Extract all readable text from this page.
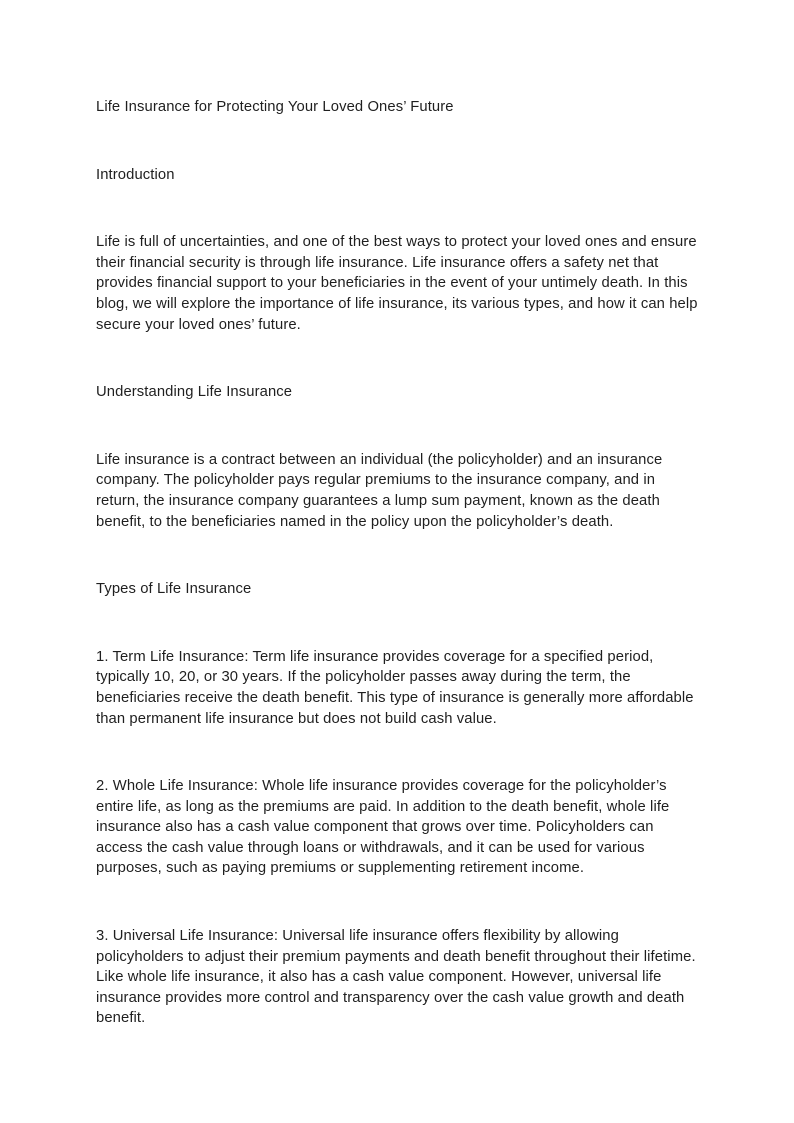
Life Insurance for Protecting Your Loved Ones’ Future

Introduction

Life is full of uncertainties, and one of the best ways to protect your loved ones and ensure their financial security is through life insurance. Life insurance offers a safety net that provides financial support to your beneficiaries in the event of your untimely death. In this blog, we will explore the importance of life insurance, its various types, and how it can help secure your loved ones’ future.

Understanding Life Insurance

Life insurance is a contract between an individual (the policyholder) and an insurance company. The policyholder pays regular premiums to the insurance company, and in return, the insurance company guarantees a lump sum payment, known as the death benefit, to the beneficiaries named in the policy upon the policyholder’s death.

Types of Life Insurance

1. Term Life Insurance: Term life insurance provides coverage for a specified period, typically 10, 20, or 30 years. If the policyholder passes away during the term, the beneficiaries receive the death benefit. This type of insurance is generally more affordable than permanent life insurance but does not build cash value.

2. Whole Life Insurance: Whole life insurance provides coverage for the policyholder’s entire life, as long as the premiums are paid. In addition to the death benefit, whole life insurance also has a cash value component that grows over time. Policyholders can access the cash value through loans or withdrawals, and it can be used for various purposes, such as paying premiums or supplementing retirement income.

3. Universal Life Insurance: Universal life insurance offers flexibility by allowing policyholders to adjust their premium payments and death benefit throughout their lifetime. Like whole life insurance, it also has a cash value component. However, universal life insurance provides more control and transparency over the cash value growth and death benefit.
